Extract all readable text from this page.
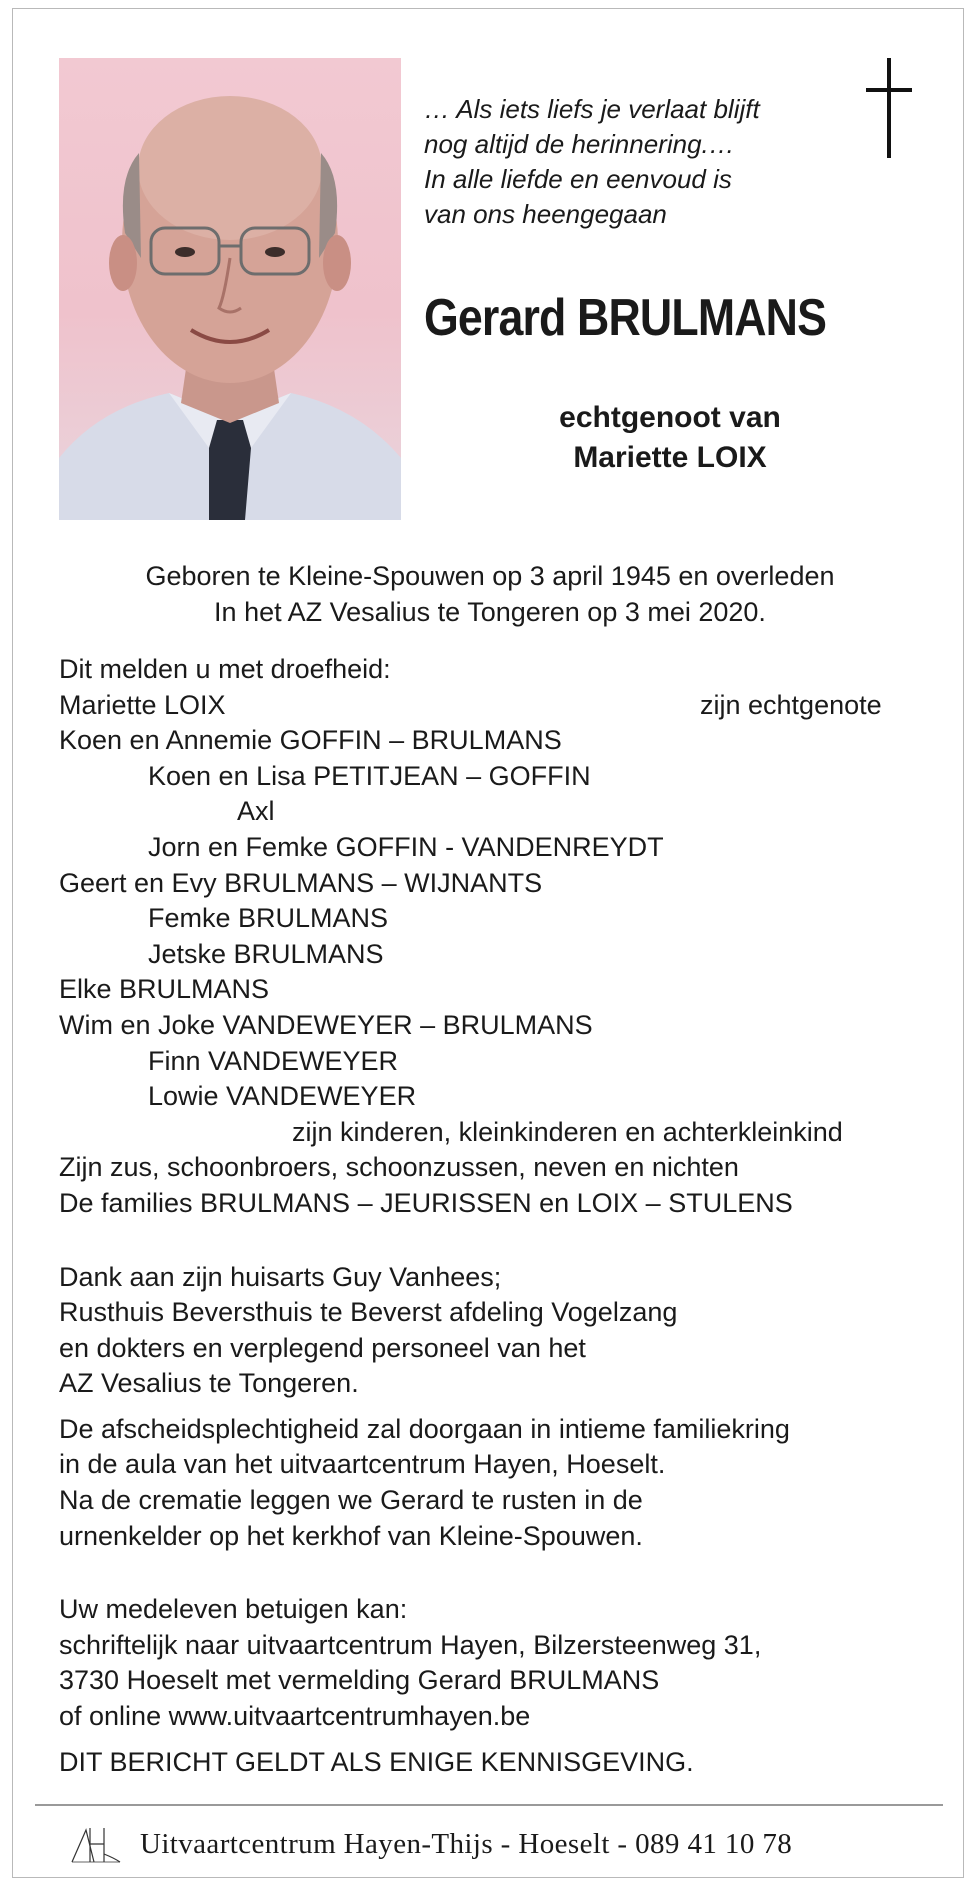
… Als iets liefs je verlaat blijft
nog altijd de herinnering.…
In alle liefde en eenvoud is
van ons heengegaan
Gerard BRULMANS
echtgenoot van
Mariette LOIX
Geboren te Kleine-Spouwen op 3 april 1945 en overleden
In het AZ Vesalius te Tongeren op 3 mei 2020.
Dit melden u met droefheid:
Mariette LOIX	zijn echtgenote
Koen en Annemie GOFFIN – BRULMANS
Koen en Lisa PETITJEAN – GOFFIN
Axl
Jorn en Femke GOFFIN - VANDENREYDT
Geert en Evy BRULMANS – WIJNANTS
Femke BRULMANS
Jetske BRULMANS
Elke BRULMANS
Wim en Joke VANDEWEYER – BRULMANS
Finn VANDEWEYER
Lowie VANDEWEYER
zijn kinderen, kleinkinderen en achterkleinkind
Zijn zus, schoonbroers, schoonzussen, neven en nichten
De families BRULMANS – JEURISSEN en LOIX – STULENS
Dank aan zijn huisarts Guy Vanhees;
Rusthuis Beversthuis te Beverst afdeling Vogelzang
en dokters en verplegend personeel van het
AZ Vesalius te Tongeren.
De afscheidsplechtigheid zal doorgaan in intieme familiekring
in de aula van het uitvaartcentrum Hayen, Hoeselt.
Na de crematie leggen we Gerard te rusten in de
urnenkelder op het kerkhof van Kleine-Spouwen.
Uw medeleven betuigen kan:
schriftelijk naar uitvaartcentrum Hayen, Bilzersteenweg 31,
3730 Hoeselt met vermelding Gerard BRULMANS
of online www.uitvaartcentrumhayen.be
DIT BERICHT GELDT ALS ENIGE KENNISGEVING.
Uitvaartcentrum Hayen-Thijs - Hoeselt - 089 41 10 78
